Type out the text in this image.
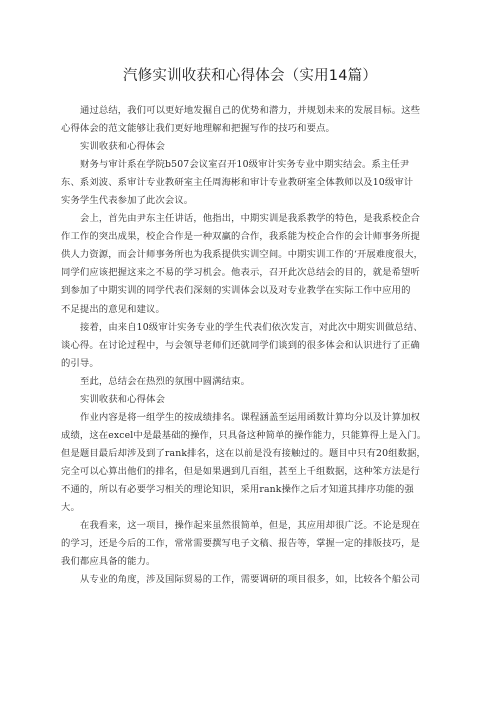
汽修实训收获和心得体会（实用14篇）
通过总结，我们可以更好地发掘自己的优势和潜力，并规划未来的发展目标。这些
心得体会的范文能够让我们更好地理解和把握写作的技巧和要点。
实训收获和心得体会
财务与审计系在学院b507会议室召开10级审计实务专业中期实结会。系主任尹
东、系刘波、系审计专业教研室主任周海彬和审计专业教研室全体教师以及10级审计
实务学生代表参加了此次会议。
会上，首先由尹东主任讲话，他指出，中期实训是我系教学的特色，是我系校企合
作工作的突出成果，校企合作是一种双赢的合作，我系能为校企合作的会计师事务所提
供人力资源，而会计师事务所也为我系提供实训空间。中期实训工作的‘开展难度很大，
同学们应该把握这来之不易的学习机会。他表示，召开此次总结会的目的，就是希望听
到参加了中期实训的同学代表们深刻的实训体会以及对专业教学在实际工作中应用的
不足提出的意见和建议。
接着，由来自10级审计实务专业的学生代表们依次发言，对此次中期实训做总结、
谈心得。在讨论过程中，与会领导老师们还就同学们谈到的很多体会和认识进行了正确
的引导。
至此，总结会在热烈的氛围中圆满结束。
实训收获和心得体会
作业内容是将一组学生的按成绩排名。课程涵盖至运用函数计算均分以及计算加权
成绩，这在excel中是最基础的操作，只具备这种简单的操作能力，只能算得上是入门。
但是题目最后却涉及到了rank排名，这在以前是没有接触过的。题目中只有20组数据，
完全可以心算出他们的排名，但是如果遇到几百组，甚至上千组数据，这种笨方法是行
不通的，所以有必要学习相关的理论知识，采用rank操作之后才知道其排序功能的强
大。
在我看来，这一项目，操作起来虽然很简单，但是，其应用却很广泛。不论是现在
的学习，还是今后的工作，常常需要撰写电子文稿、报告等，掌握一定的排版技巧，是
我们都应具备的能力。
从专业的角度，涉及国际贸易的工作，需要调研的项目很多，如，比较各个船公司
